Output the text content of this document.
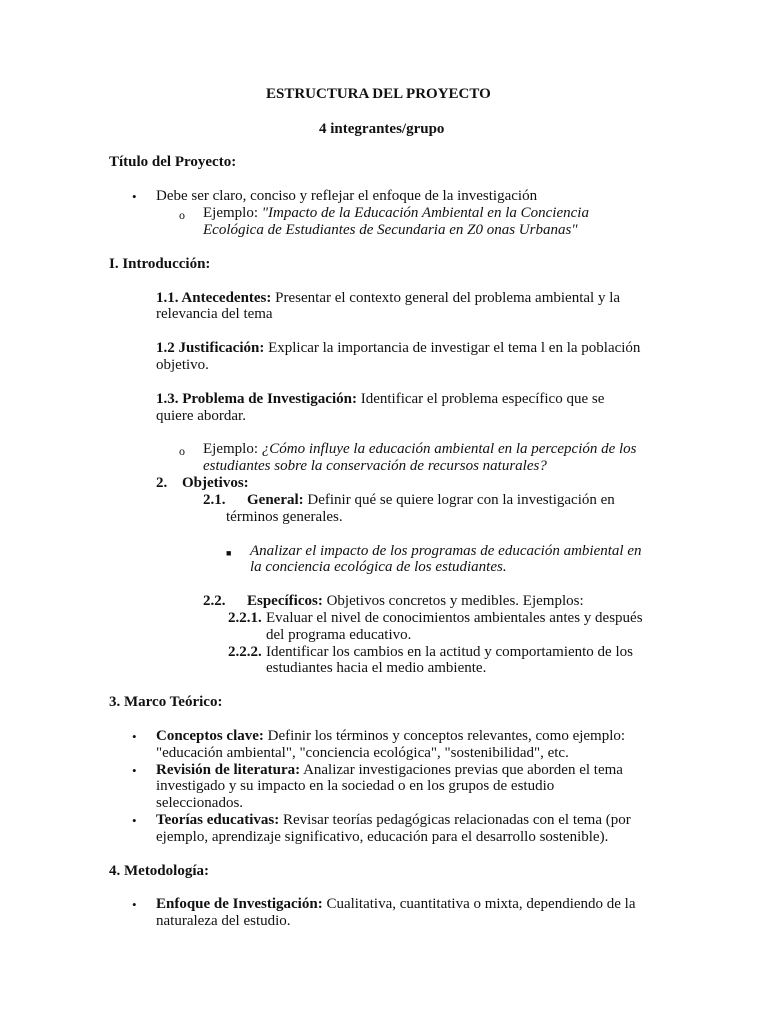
ESTRUCTURA DEL PROYECTO
4 integrantes/grupo
Título del Proyecto:
• Debe ser claro, conciso y reflejar el enfoque de la investigación
o Ejemplo: "Impacto de la Educación Ambiental en la Conciencia
Ecológica de Estudiantes de Secundaria en Z0 onas Urbanas"
I. Introducción:
1.1. Antecedentes: Presentar el contexto general del problema ambiental y la
relevancia del tema
1.2 Justificación: Explicar la importancia de investigar el tema l en la población
objetivo.
1.3. Problema de Investigación: Identificar el problema específico que se
quiere abordar.
o Ejemplo: ¿Cómo influye la educación ambiental en la percepción de los
estudiantes sobre la conservación de recursos naturales?
2. Objetivos:
2.1. General: Definir qué se quiere lograr con la investigación en
términos generales.
■ Analizar el impacto de los programas de educación ambiental en
la conciencia ecológica de los estudiantes.
2.2. Específicos: Objetivos concretos y medibles. Ejemplos:
2.2.1. Evaluar el nivel de conocimientos ambientales antes y después
del programa educativo.
2.2.2. Identificar los cambios en la actitud y comportamiento de los
estudiantes hacia el medio ambiente.
3. Marco Teórico:
• Conceptos clave: Definir los términos y conceptos relevantes, como ejemplo:
"educación ambiental", "conciencia ecológica", "sostenibilidad", etc.
• Revisión de literatura: Analizar investigaciones previas que aborden el tema
investigado y su impacto en la sociedad o en los grupos de estudio
seleccionados.
• Teorías educativas: Revisar teorías pedagógicas relacionadas con el tema (por
ejemplo, aprendizaje significativo, educación para el desarrollo sostenible).
4. Metodología:
• Enfoque de Investigación: Cualitativa, cuantitativa o mixta, dependiendo de la
naturaleza del estudio.
